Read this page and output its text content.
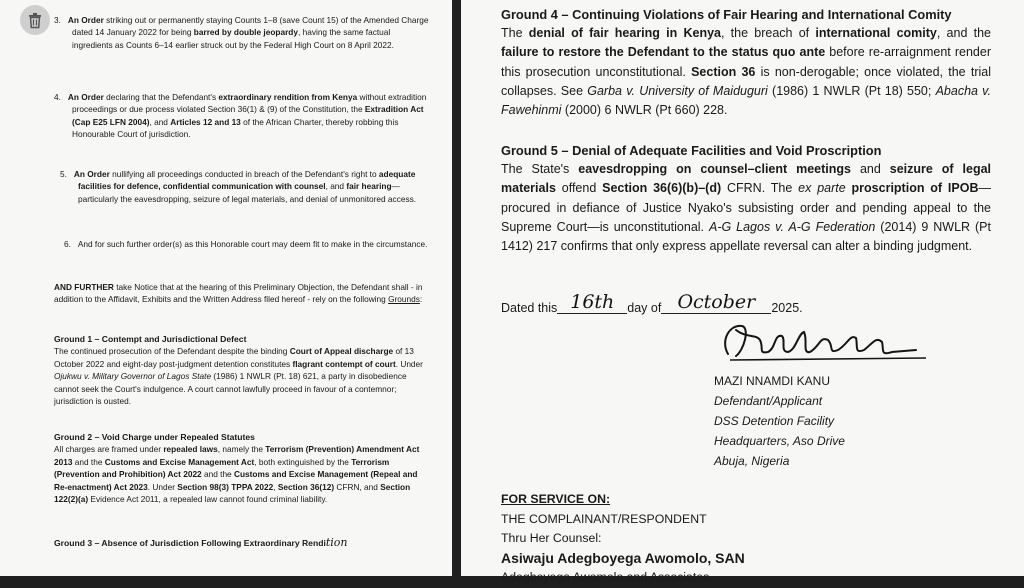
3. An Order striking out or permanently staying Counts 1–8 (save Count 15) of the Amended Charge dated 14 January 2022 for being barred by double jeopardy, having the same factual ingredients as Counts 6–14 earlier struck out by the Federal High Court on 8 April 2022.

4. An Order declaring that the Defendant's extraordinary rendition from Kenya without extradition proceedings or due process violated Section 36(1) & (9) of the Constitution, the Extradition Act (Cap E25 LFN 2004), and Articles 12 and 13 of the African Charter, thereby robbing this Honourable Court of jurisdiction.

5. An Order nullifying all proceedings conducted in breach of the Defendant's right to adequate facilities for defence, confidential communication with counsel, and fair hearing—particularly the eavesdropping, seizure of legal materials, and denial of unmonitored access.

6. And for such further order(s) as this Honorable court may deem fit to make in the circumstance.

AND FURTHER take Notice that at the hearing of this Preliminary Objection, the Defendant shall - in addition to the Affidavit, Exhibits and the Written Address filed hereof - rely on the following Grounds:

Ground 1 – Contempt and Jurisdictional Defect

The continued prosecution of the Defendant despite the binding Court of Appeal discharge of 13 October 2022 and eight-day post-judgment detention constitutes flagrant contempt of court. Under Ojukwu v. Military Governor of Lagos State (1986) 1 NWLR (Pt. 18) 621, a party in disobedience cannot seek the Court's indulgence. A court cannot lawfully proceed in favour of a contemnor; jurisdiction is ousted.

Ground 2 – Void Charge under Repealed Statutes

All charges are framed under repealed laws, namely the Terrorism (Prevention) Amendment Act 2013 and the Customs and Excise Management Act, both extinguished by the Terrorism (Prevention and Prohibition) Act 2022 and the Customs and Excise Management (Repeal and Re-enactment) Act 2023. Under Section 98(3) TPPA 2022, Section 36(12) CFRN, and Section 122(2)(a) Evidence Act 2011, a repealed law cannot found criminal liability.

Ground 3 – Absence of Jurisdiction Following Extraordinary Rendition

Ground 4 – Continuing Violations of Fair Hearing and International Comity
The denial of fair hearing in Kenya, the breach of international comity, and the failure to restore the Defendant to the status quo ante before re-arraignment render this prosecution unconstitutional. Section 36 is non-derogable; once violated, the trial collapses. See Garba v. University of Maiduguri (1986) 1 NWLR (Pt 18) 550; Abacha v. Fawehinmi (2000) 6 NWLR (Pt 660) 228.
Ground 5 – Denial of Adequate Facilities and Void Proscription
The State's eavesdropping on counsel–client meetings and seizure of legal materials offend Section 36(6)(b)–(d) CFRN. The ex parte proscription of IPOB—procured in defiance of Justice Nyako's subsisting order and pending appeal to the Supreme Court—is unconstitutional. A-G Lagos v. A-G Federation (2014) 9 NWLR (Pt 1412) 217 confirms that only express appellate reversal can alter a binding judgment.
Dated this 16th day of October 2025.
MAZI NNAMDI KANU
Defendant/Applicant
DSS Detention Facility
Headquarters, Aso Drive
Abuja, Nigeria
FOR SERVICE ON:
THE COMPLAINANT/RESPONDENT
Thru Her Counsel:
Asiwaju Adegboyega Awomolo, SAN
Adegboyega Awomolo and Associates
